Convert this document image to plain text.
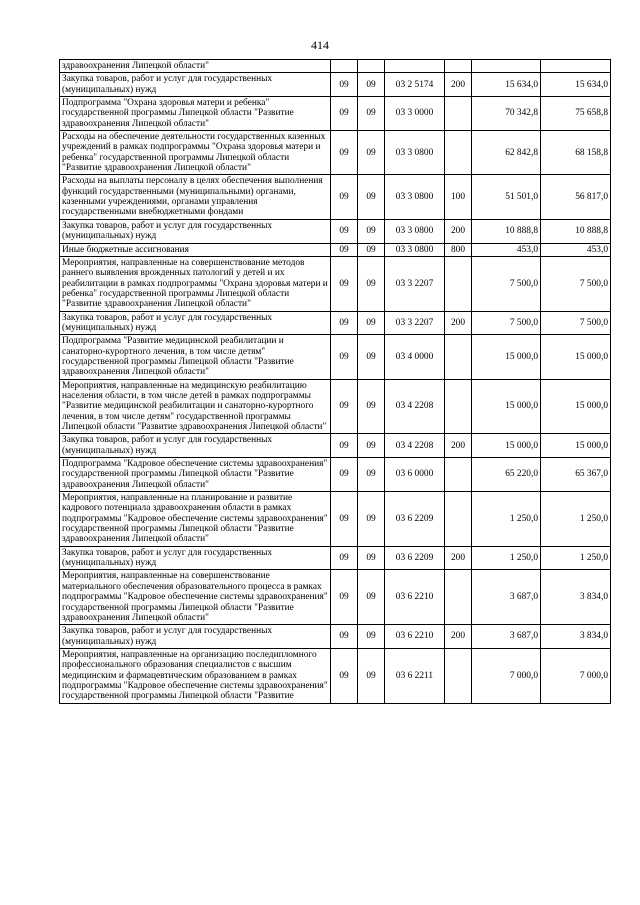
414
здравоохранения Липецкой области"						
Закупка товаров, работ и услуг для государственных (муниципальных) нужд	09	09	03 2 5174	200	15 634,0	15 634,0
Подпрограмма "Охрана здоровья матери и ребенка" государственной программы Липецкой области "Развитие здравоохранения Липецкой области"	09	09	03 3 0000		70 342,8	75 658,8
Расходы на обеспечение деятельности государственных казенных учреждений в рамках подпрограммы "Охрана здоровья матери и ребенка" государственной программы Липецкой области "Развитие здравоохранения Липецкой области"	09	09	03 3 0800		62 842,8	68 158,8
Расходы на выплаты персоналу в целях обеспечения выполнения функций государственными (муниципальными) органами, казенными учреждениями, органами управления государственными внебюджетными фондами	09	09	03 3 0800	100	51 501,0	56 817,0
Закупка товаров, работ и услуг для государственных (муниципальных) нужд	09	09	03 3 0800	200	10 888,8	10 888,8
Иные бюджетные ассигнования	09	09	03 3 0800	800	453,0	453,0
Мероприятия, направленные на совершенствование методов раннего выявления врожденных патологий у детей и их реабилитации в рамках подпрограммы "Охрана здоровья матери и ребенка" государственной программы Липецкой области "Развитие здравоохранения Липецкой области"	09	09	03 3 2207		7 500,0	7 500,0
Закупка товаров, работ и услуг для государственных (муниципальных) нужд	09	09	03 3 2207	200	7 500,0	7 500,0
Подпрограмма "Развитие медицинской реабилитации и санаторно-курортного лечения, в том числе детям" государственной программы Липецкой области "Развитие здравоохранения Липецкой области"	09	09	03 4 0000		15 000,0	15 000,0
Мероприятия, направленные на медицинскую реабилитацию населения области, в том числе детей в рамках подпрограммы "Развитие медицинской реабилитации и санаторно-курортного лечения, в том числе детям" государственной программы Липецкой области "Развитие здравоохранения Липецкой области"	09	09	03 4 2208		15 000,0	15 000,0
Закупка товаров, работ и услуг для государственных (муниципальных) нужд	09	09	03 4 2208	200	15 000,0	15 000,0
Подпрограмма "Кадровое обеспечение системы здравоохранения" государственной программы Липецкой области "Развитие здравоохранения Липецкой области"	09	09	03 6 0000		65 220,0	65 367,0
Мероприятия, направленные на планирование и развитие кадрового потенциала здравоохранения области в рамках подпрограммы "Кадровое обеспечение системы здравоохранения" государственной программы Липецкой области "Развитие здравоохранения Липецкой области"	09	09	03 6 2209		1 250,0	1 250,0
Закупка товаров, работ и услуг для государственных (муниципальных) нужд	09	09	03 6 2209	200	1 250,0	1 250,0
Мероприятия, направленные на совершенствование материального обеспечения образовательного процесса в рамках подпрограммы "Кадровое обеспечение системы здравоохранения" государственной программы Липецкой области "Развитие здравоохранения Липецкой области"	09	09	03 6 2210		3 687,0	3 834,0
Закупка товаров, работ и услуг для государственных (муниципальных) нужд	09	09	03 6 2210	200	3 687,0	3 834,0
Мероприятия, направленные на организацию последипломного профессионального образования специалистов с высшим медицинским и фармацевтическим образованием в рамках подпрограммы "Кадровое обеспечение системы здравоохранения" государственной программы Липецкой области "Развитие	09	09	03 6 2211		7 000,0	7 000,0
